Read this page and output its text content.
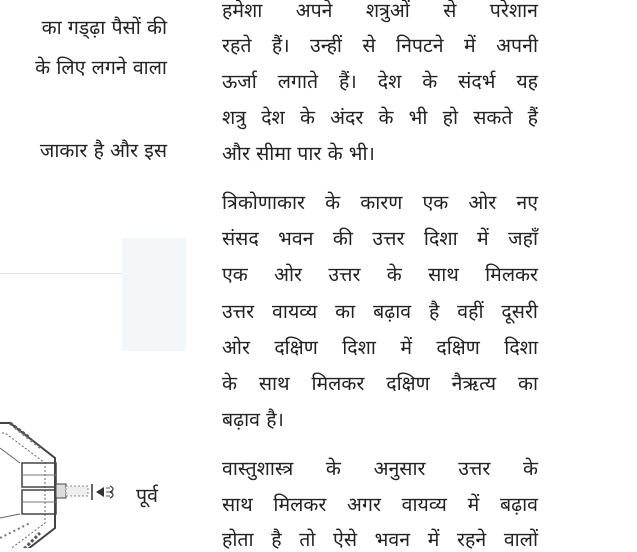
का गड्ढ़ा पैसों की
के लिए लगने वाला
जाकार है और इस
हमेशा अपने शत्रुओं से परेशान
रहते हैं। उन्हीं से निपटने में अपनी
ऊर्जा लगाते हैं। देश के संदर्भ यह
शत्रु देश के अंदर के भी हो सकते हैं
और सीमा पार के भी।
त्रिकोणाकार के कारण एक ओर नए
संसद भवन की उत्तर दिशा में जहाँ
एक ओर उत्तर के साथ मिलकर
उत्तर वायव्य का बढ़ाव है वहीं दूसरी
ओर दक्षिण दिशा में दक्षिण दिशा
के साथ मिलकर दक्षिण नैऋत्य का
बढ़ाव है।
वास्तुशास्त्र के अनुसार उत्तर के
साथ मिलकर अगर वायव्य में बढ़ाव
होता है तो ऐसे भवन में रहने वालों
पूर्व
